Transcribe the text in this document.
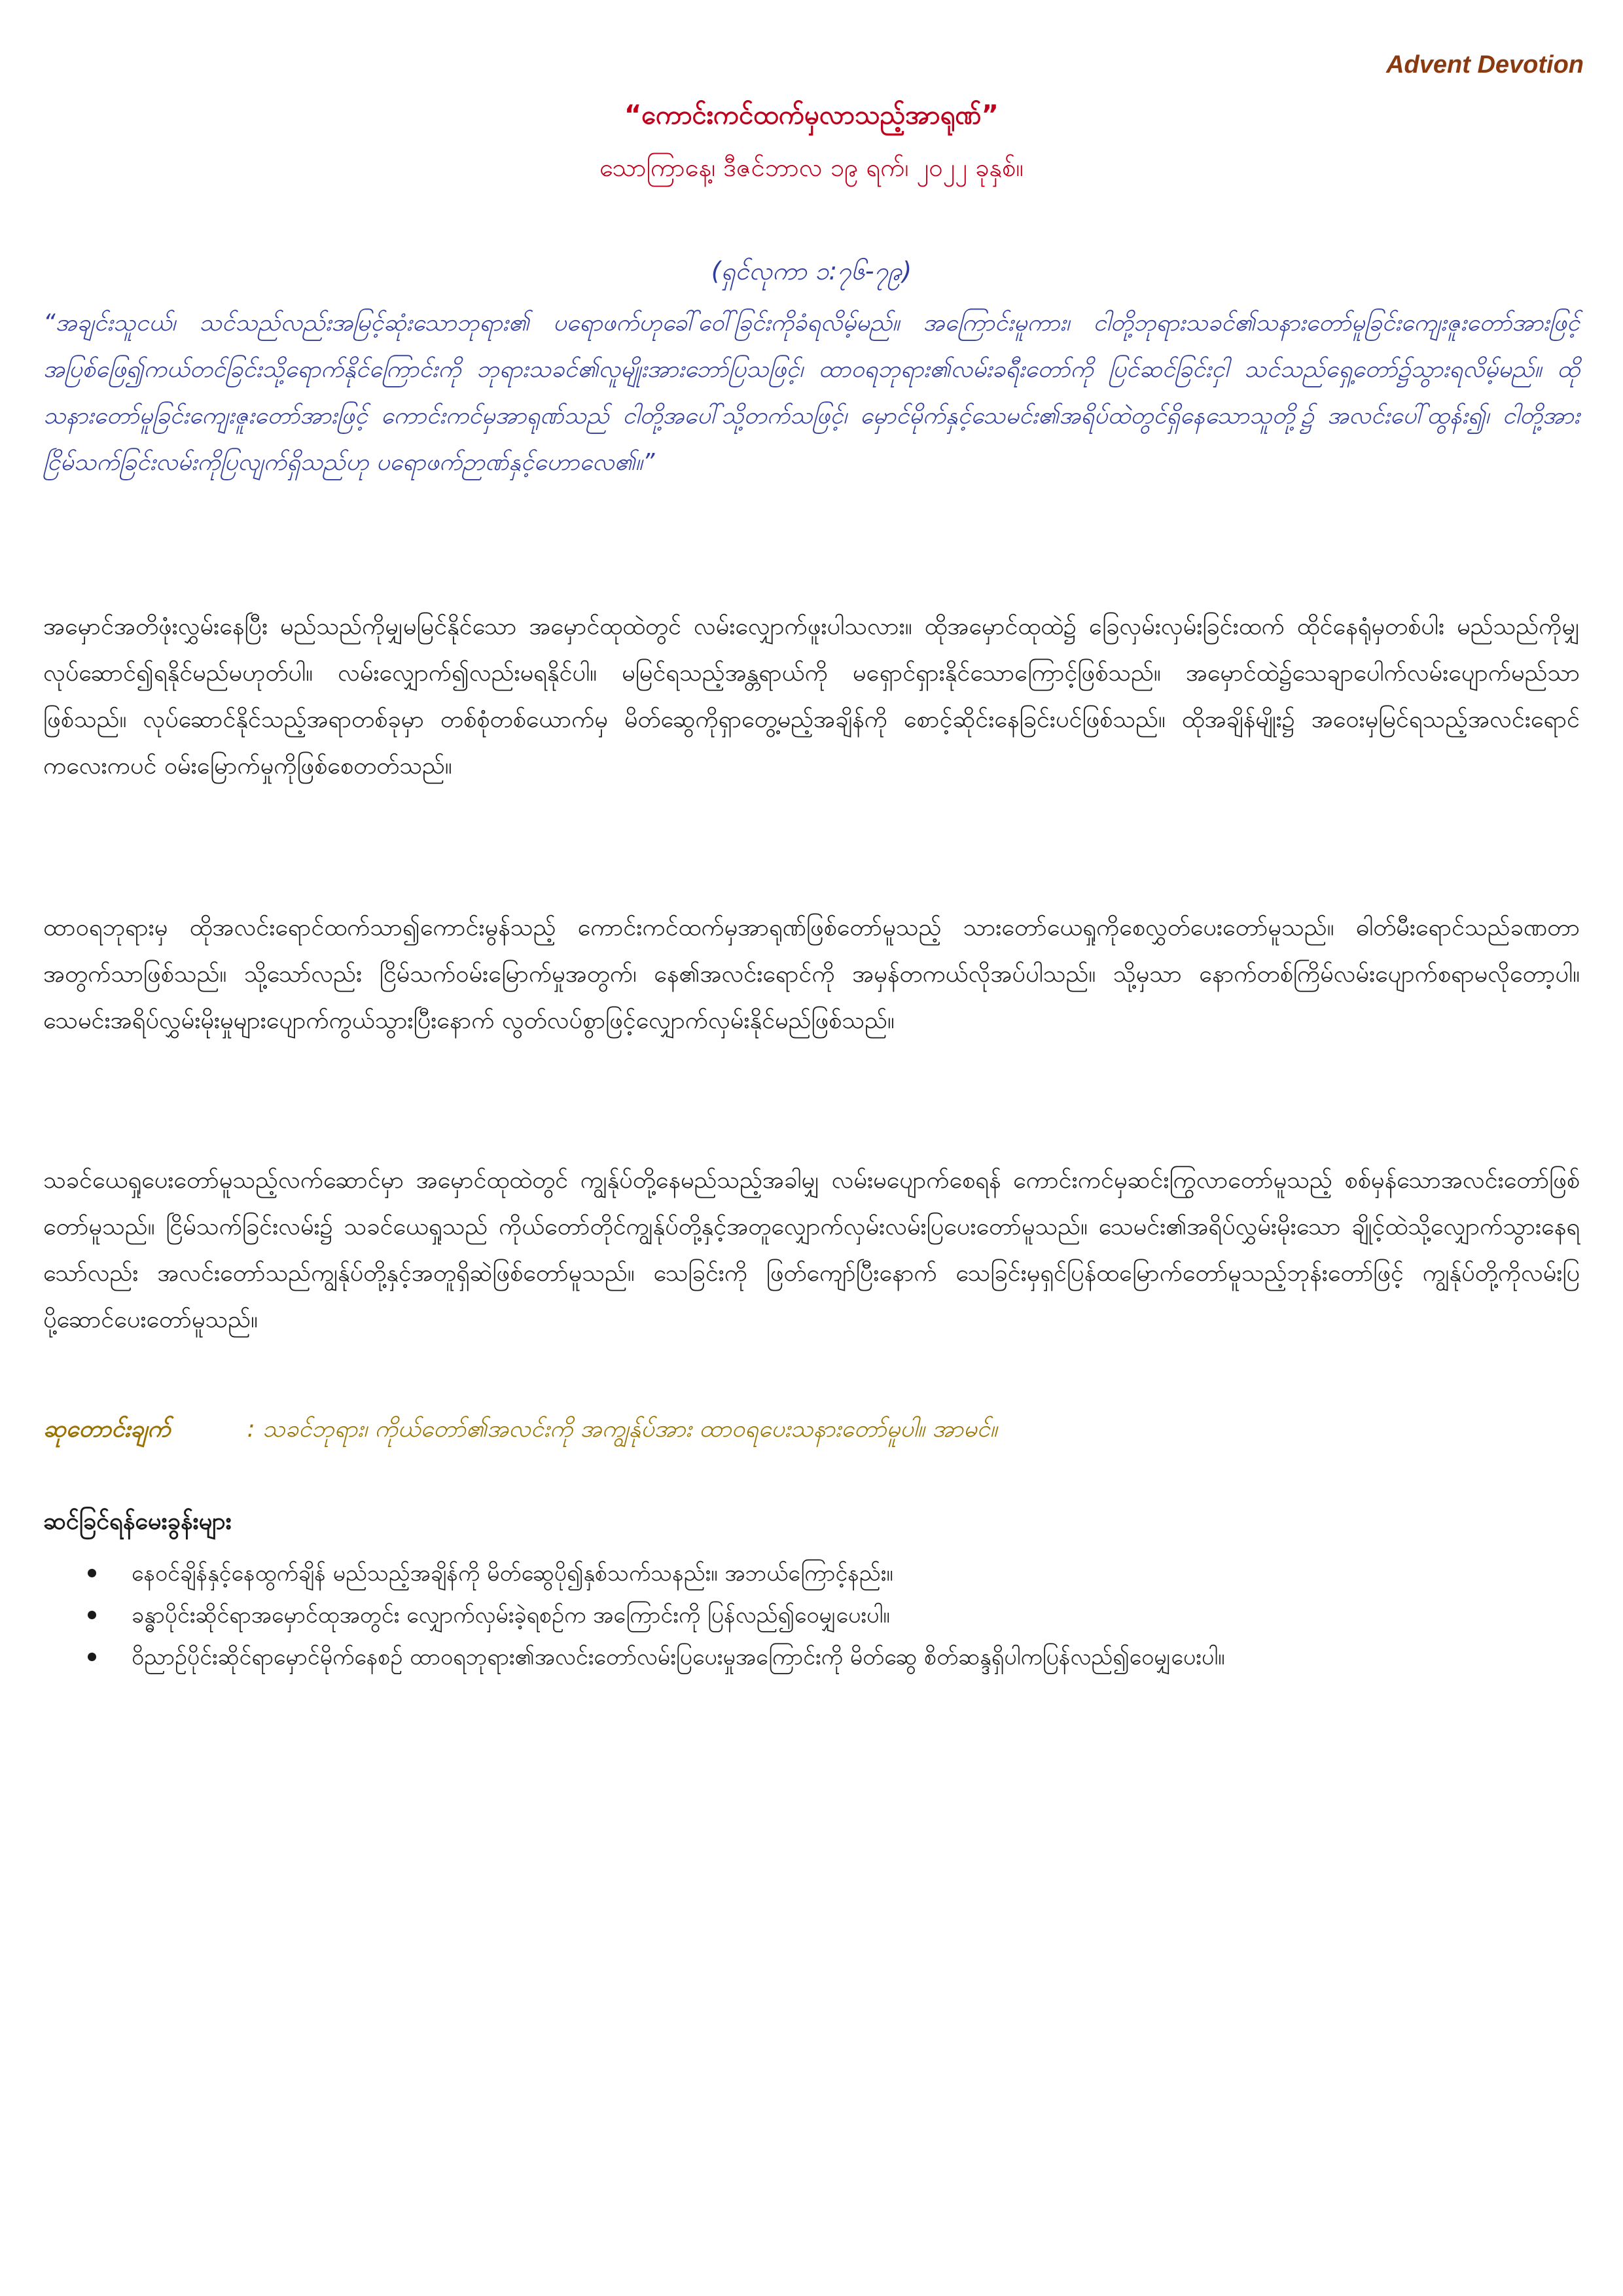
Advent Devotion
“ကောင်းကင်ထက်မှလာသည့်အာရုဏ်”
သောကြာနေ့၊ ဒီဇင်ဘာလ ၁၉ ရက်၊ ၂၀၂၂ ခုနှစ်။
(ရှင်လုကာ ၁:၇၆-၇၉)

“အချင်းသူငယ်၊ သင်သည်လည်းအမြင့်ဆုံးသောဘုရား၏ ပရောဖက်ဟုခေါ်ဝေါ်ခြင်းကိုခံရလိမ့်မည်။ အကြောင်းမူကား၊ ငါတို့ဘုရားသခင်၏သနားတော်မူခြင်းကျေးဇူးတော်အားဖြင့် အပြစ်ဖြေ၍ကယ်တင်ခြင်းသို့ရောက်နိုင်ကြောင်းကို ဘုရားသခင်၏လူမျိုးအားဘော်ပြသဖြင့်၊ ထာဝရဘုရား၏လမ်းခရီးတော်ကို ပြင်ဆင်ခြင်းငှါ သင်သည်ရှေ့တော်၌သွားရလိမ့်မည်။ ထိုသနားတော်မူခြင်းကျေးဇူးတော်အားဖြင့် ကောင်းကင်မှအာရုဏ်သည် ငါတို့အပေါ်သို့တက်သဖြင့်၊ မှောင်မိုက်နှင့်သေမင်း၏အရိပ်ထဲတွင်ရှိနေသောသူတို့၌ အလင်းပေါ်ထွန်း၍၊ ငါတို့အားငြိမ်သက်ခြင်းလမ်းကိုပြလျက်ရှိသည်ဟု ပရောဖက်ဉာဏ်နှင့်ဟောလေ၏။”

အမှောင်အတိဖုံးလွှမ်းနေပြီး မည်သည်ကိုမျှမမြင်နိုင်သော အမှောင်ထုထဲတွင် လမ်းလျှောက်ဖူးပါသလား။ ထိုအမှောင်ထုထဲ၌ ခြေလှမ်းလှမ်းခြင်းထက် ထိုင်နေရုံမှတစ်ပါး မည်သည်ကိုမျှလုပ်ဆောင်၍ရနိုင်မည်မဟုတ်ပါ။ လမ်းလျှောက်၍လည်းမရနိုင်ပါ။ မမြင်ရသည့်အန္တရာယ်ကို မရှောင်ရှားနိုင်သောကြောင့်ဖြစ်သည်။ အမှောင်ထဲ၌သေချာပေါက်လမ်းပျောက်မည်သာဖြစ်သည်။ လုပ်ဆောင်နိုင်သည့်အရာတစ်ခုမှာ တစ်စုံတစ်ယောက်မှ မိတ်ဆွေကိုရှာတွေ့မည့်အချိန်ကို စောင့်ဆိုင်းနေခြင်းပင်ဖြစ်သည်။ ထိုအချိန်မျိုး၌ အဝေးမှမြင်ရသည့်အလင်းရောင်ကလေးကပင် ဝမ်းမြောက်မှုကိုဖြစ်စေတတ်သည်။

ထာဝရဘုရားမှ ထိုအလင်းရောင်ထက်သာ၍ကောင်းမွန်သည့် ကောင်းကင်ထက်မှအာရုဏ်ဖြစ်တော်မူသည့် သားတော်ယေရှုကိုစေလွှတ်ပေးတော်မူသည်။ ဓါတ်မီးရောင်သည်ခဏတာအတွက်သာဖြစ်သည်။ သို့သော်လည်း ငြိမ်သက်ဝမ်းမြောက်မှုအတွက်၊ နေ၏အလင်းရောင်ကို အမှန်တကယ်လိုအပ်ပါသည်။ သို့မှသာ နောက်တစ်ကြိမ်လမ်းပျောက်စရာမလိုတော့ပါ။ သေမင်းအရိပ်လွှမ်းမိုးမှုများပျောက်ကွယ်သွားပြီးနောက် လွတ်လပ်စွာဖြင့်လျှောက်လှမ်းနိုင်မည်ဖြစ်သည်။

သခင်ယေရှုပေးတော်မူသည့်လက်ဆောင်မှာ အမှောင်ထုထဲတွင် ကျွန်ုပ်တို့နေမည်သည့်အခါမျှ လမ်းမပျောက်စေရန် ကောင်းကင်မှဆင်းကြွလာတော်မူသည့် စစ်မှန်သောအလင်းတော်ဖြစ်တော်မူသည်။ ငြိမ်သက်ခြင်းလမ်း၌ သခင်ယေရှုသည် ကိုယ်တော်တိုင်ကျွန်ုပ်တို့နှင့်အတူလျှောက်လှမ်းလမ်းပြပေးတော်မူသည်။ သေမင်း၏အရိပ်လွှမ်းမိုးသော ချိုင့်ထဲသို့လျှောက်သွားနေရသော်လည်း အလင်းတော်သည်ကျွန်ုပ်တို့နှင့်အတူရှိဆဲဖြစ်တော်မူသည်။ သေခြင်းကို ဖြတ်ကျော်ပြီးနောက် သေခြင်းမှရှင်ပြန်ထမြောက်တော်မူသည့်ဘုန်းတော်ဖြင့် ကျွန်ုပ်တို့ကိုလမ်းပြပို့ဆောင်ပေးတော်မူသည်။

ဆုတောင်းချက်	: သခင်ဘုရား၊ ကိုယ်တော်၏အလင်းကို အကျွန်ုပ်အား ထာဝရပေးသနားတော်မူပါ။ အာမင်။

ဆင်ခြင်ရန်မေးခွန်းများ
နေဝင်ချိန်နှင့်နေထွက်ချိန် မည်သည့်အချိန်ကို မိတ်ဆွေပို၍နှစ်သက်သနည်း။ အဘယ်ကြောင့်နည်း။
ခန္ဓာပိုင်းဆိုင်ရာအမှောင်ထုအတွင်း လျှောက်လှမ်းခဲ့ရစဉ်က အကြောင်းကို ပြန်လည်၍ဝေမျှပေးပါ။
ဝိညာဉ်ပိုင်းဆိုင်ရာမှောင်မိုက်နေစဉ် ထာဝရဘုရား၏အလင်းတော်လမ်းပြပေးမှုအကြောင်းကို မိတ်ဆွေ စိတ်ဆန္ဒရှိပါကပြန်လည်၍ဝေမျှပေးပါ။
